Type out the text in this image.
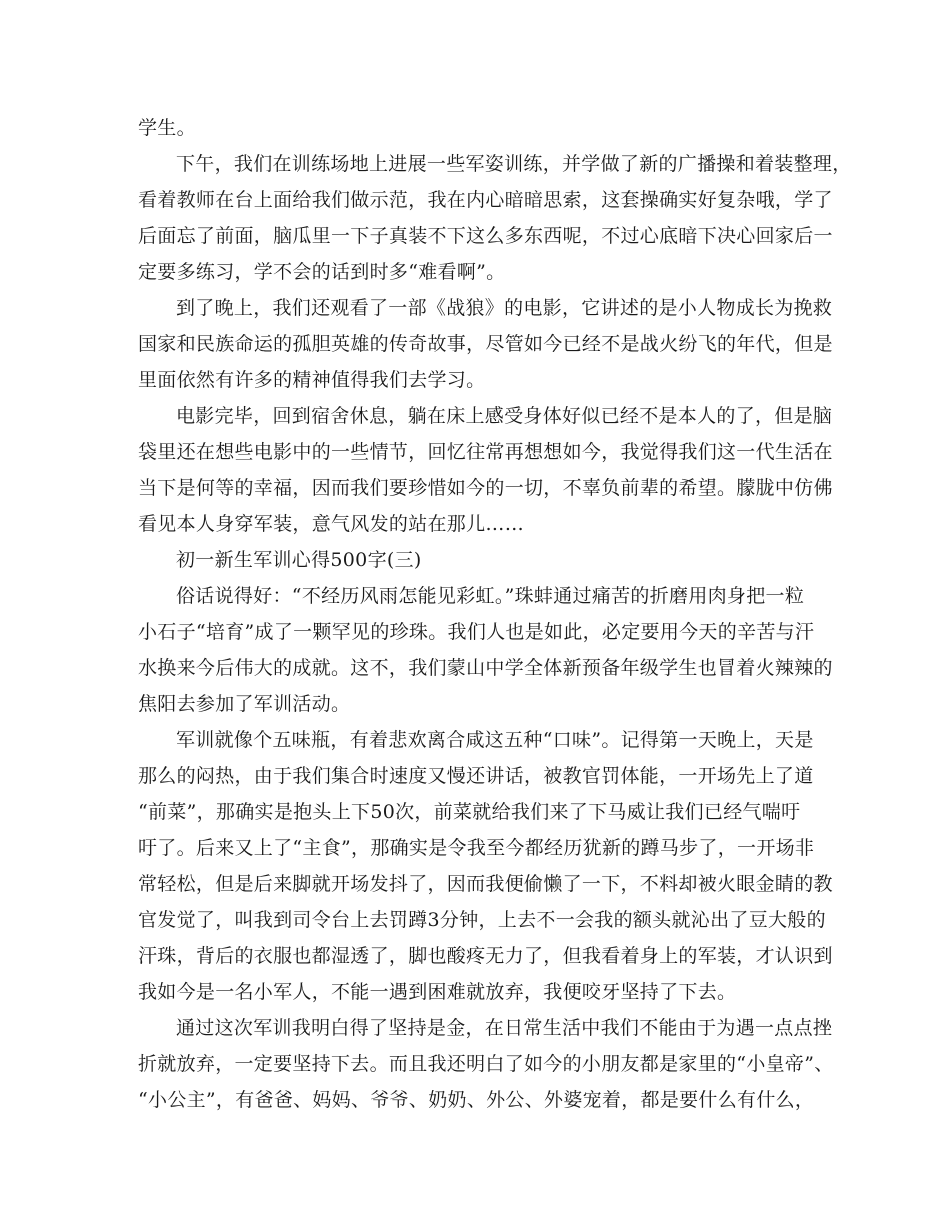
学生。
下午，我们在训练场地上进展一些军姿训练，并学做了新的广播操和着装整理，
看着教师在台上面给我们做示范，我在内心暗暗思索，这套操确实好复杂哦，学了
后面忘了前面，脑瓜里一下子真装不下这么多东西呢，不过心底暗下决心回家后一
定要多练习，学不会的话到时多“难看啊”。
到了晚上，我们还观看了一部《战狼》的电影，它讲述的是小人物成长为挽救
国家和民族命运的孤胆英雄的传奇故事，尽管如今已经不是战火纷飞的年代，但是
里面依然有许多的精神值得我们去学习。
电影完毕，回到宿舍休息，躺在床上感受身体好似已经不是本人的了，但是脑
袋里还在想些电影中的一些情节，回忆往常再想想如今，我觉得我们这一代生活在
当下是何等的幸福，因而我们要珍惜如今的一切，不辜负前辈的希望。朦胧中仿佛
看见本人身穿军装，意气风发的站在那儿……
初一新生军训心得500字(三)
俗话说得好：“不经历风雨怎能见彩虹。”珠蚌通过痛苦的折磨用肉身把一粒
小石子“培育”成了一颗罕见的珍珠。我们人也是如此，必定要用今天的辛苦与汗
水换来今后伟大的成就。这不，我们蒙山中学全体新预备年级学生也冒着火辣辣的
焦阳去参加了军训活动。
军训就像个五味瓶，有着悲欢离合咸这五种“口味”。记得第一天晚上，天是
那么的闷热，由于我们集合时速度又慢还讲话，被教官罚体能，一开场先上了道
“前菜”，那确实是抱头上下50次，前菜就给我们来了下马威让我们已经气喘吁
吁了。后来又上了“主食”，那确实是令我至今都经历犹新的蹲马步了，一开场非
常轻松，但是后来脚就开场发抖了，因而我便偷懒了一下，不料却被火眼金睛的教
官发觉了，叫我到司令台上去罚蹲3分钟，上去不一会我的额头就沁出了豆大般的
汗珠，背后的衣服也都湿透了，脚也酸疼无力了，但我看着身上的军装，才认识到
我如今是一名小军人，不能一遇到困难就放弃，我便咬牙坚持了下去。
通过这次军训我明白得了坚持是金，在日常生活中我们不能由于为遇一点点挫
折就放弃，一定要坚持下去。而且我还明白了如今的小朋友都是家里的“小皇帝”、
“小公主”，有爸爸、妈妈、爷爷、奶奶、外公、外婆宠着，都是要什么有什么，
